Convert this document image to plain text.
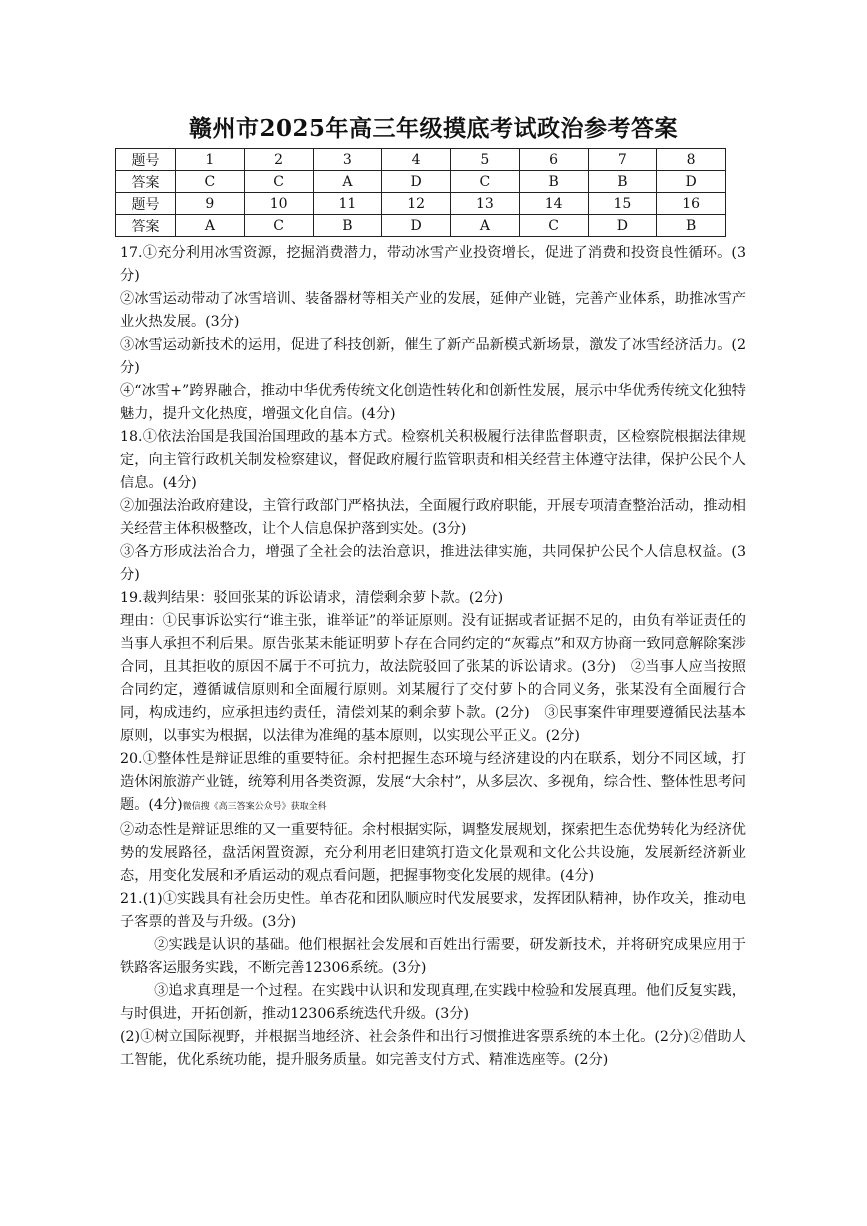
赣州市2025年高三年级摸底考试政治参考答案
题号	1	2	3	4	5	6	7	8
答案	C	C	A	D	C	B	B	D
题号	9	10	11	12	13	14	15	16
答案	A	C	B	D	A	C	D	B

17.①充分利用冰雪资源，挖掘消费潜力，带动冰雪产业投资增长，促进了消费和投资良性循环。(3分)

②冰雪运动带动了冰雪培训、装备器材等相关产业的发展，延伸产业链，完善产业体系，助推冰雪产业火热发展。(3分)

③冰雪运动新技术的运用，促进了科技创新，催生了新产品新模式新场景，激发了冰雪经济活力。(2分)

④“冰雪+”跨界融合，推动中华优秀传统文化创造性转化和创新性发展，展示中华优秀传统文化独特魅力，提升文化热度，增强文化自信。(4分)

18.①依法治国是我国治国理政的基本方式。检察机关积极履行法律监督职责，区检察院根据法律规定，向主管行政机关制发检察建议，督促政府履行监管职责和相关经营主体遵守法律，保护公民个人信息。(4分)

②加强法治政府建设，主管行政部门严格执法，全面履行政府职能，开展专项清查整治活动，推动相关经营主体积极整改，让个人信息保护落到实处。(3分)

③各方形成法治合力，增强了全社会的法治意识，推进法律实施，共同保护公民个人信息权益。(3分)

19.裁判结果：驳回张某的诉讼请求，清偿剩余萝卜款。(2分)

理由：①民事诉讼实行“谁主张，谁举证”的举证原则。没有证据或者证据不足的，由负有举证责任的当事人承担不利后果。原告张某未能证明萝卜存在合同约定的“灰霉点”和双方协商一致同意解除案涉合同，且其拒收的原因不属于不可抗力，故法院驳回了张某的诉讼请求。(3分)　②当事人应当按照合同约定，遵循诚信原则和全面履行原则。刘某履行了交付萝卜的合同义务，张某没有全面履行合同，构成违约，应承担违约责任，清偿刘某的剩余萝卜款。(2分)　③民事案件审理要遵循民法基本原则，以事实为根据，以法律为准绳的基本原则，以实现公平正义。(2分)

20.①整体性是辩证思维的重要特征。余村把握生态环境与经济建设的内在联系，划分不同区域，打造休闲旅游产业链，统筹利用各类资源，发展“大余村”，从多层次、多视角，综合性、整体性思考问题。(4分)微信搜《高三答案公众号》获取全科

②动态性是辩证思维的又一重要特征。余村根据实际，调整发展规划，探索把生态优势转化为经济优势的发展路径，盘活闲置资源，充分利用老旧建筑打造文化景观和文化公共设施，发展新经济新业态，用变化发展和矛盾运动的观点看问题，把握事物变化发展的规律。(4分)

21.(1)①实践具有社会历史性。单杏花和团队顺应时代发展要求，发挥团队精神，协作攻关，推动电子客票的普及与升级。(3分)

②实践是认识的基础。他们根据社会发展和百姓出行需要，研发新技术，并将研究成果应用于铁路客运服务实践，不断完善12306系统。(3分)

③追求真理是一个过程。在实践中认识和发现真理,在实践中检验和发展真理。他们反复实践，与时俱进，开拓创新，推动12306系统迭代升级。(3分)

(2)①树立国际视野，并根据当地经济、社会条件和出行习惯推进客票系统的本土化。(2分)②借助人工智能，优化系统功能，提升服务质量。如完善支付方式、精准选座等。(2分)
